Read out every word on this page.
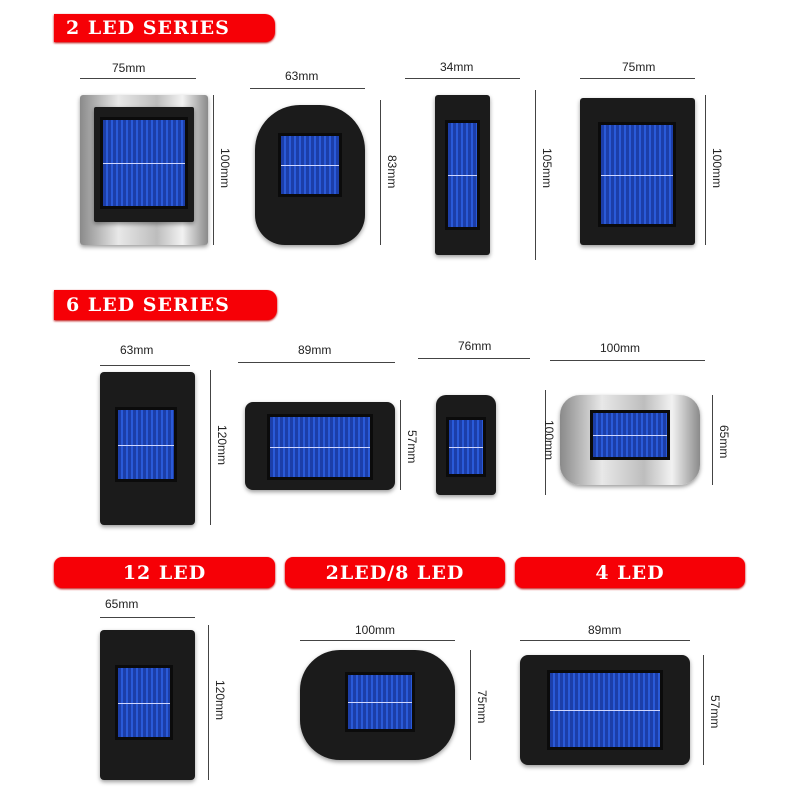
2 LED SERIES
6 LED SERIES
12 LED	2LED/8 LED	4 LED
75mm
100mm
63mm
83mm
34mm
105mm
75mm
100mm
63mm
120mm
89mm
57mm
76mm
100mm
100mm
65mm
65mm
120mm
100mm
75mm
89mm
57mm
